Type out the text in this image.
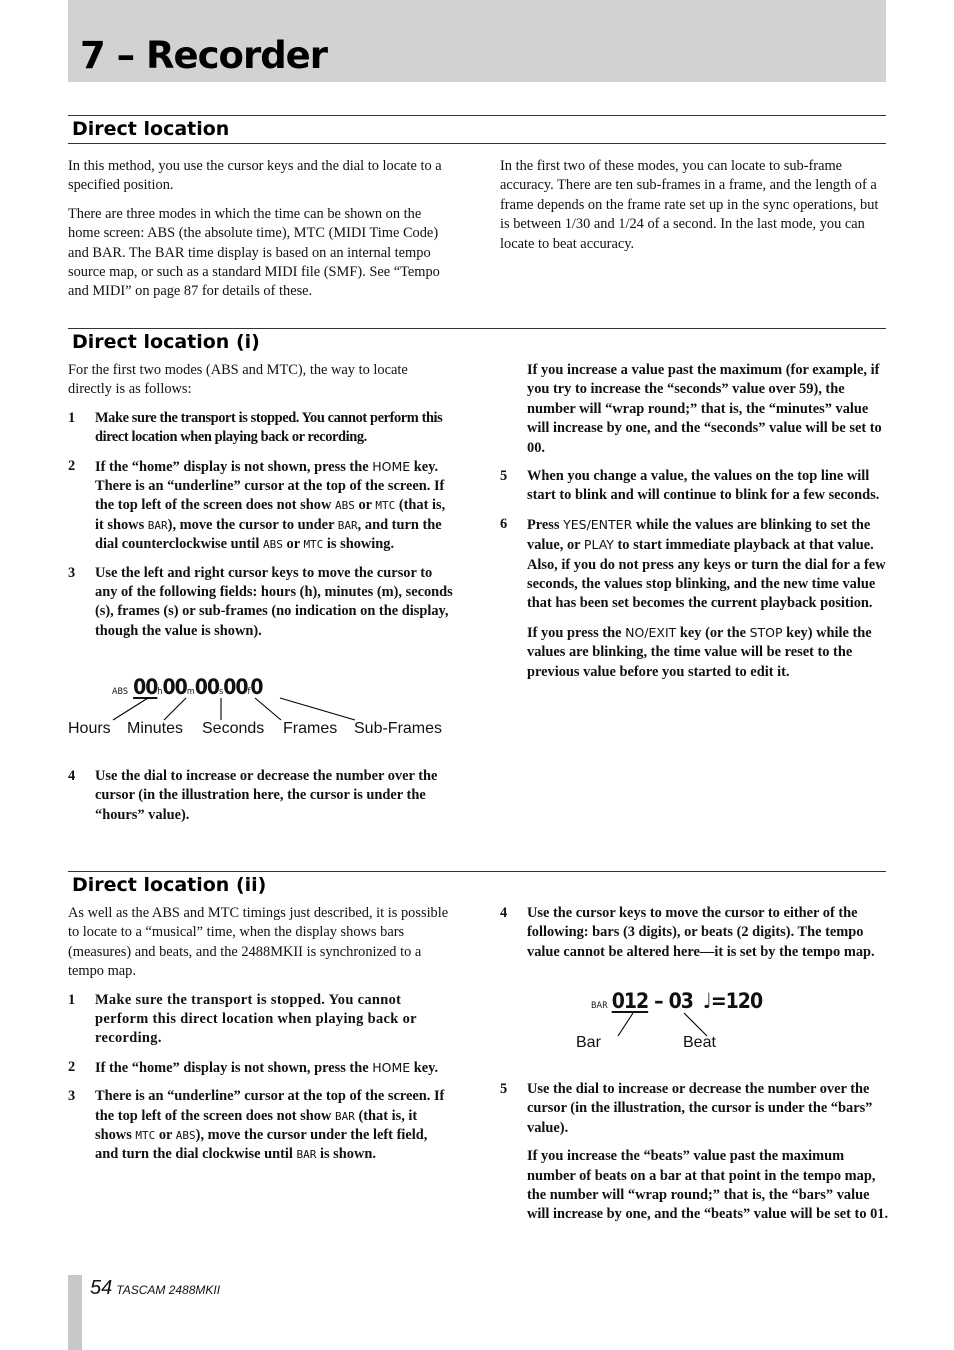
7 – Recorder
Direct location

In this method, you use the cursor keys and the dial to locate to a specified position.

There are three modes in which the time can be shown on the home screen: ABS (the absolute time), MTC (MIDI Time Code) and BAR. The BAR time display is based on an internal tempo source map, or such as a standard MIDI file (SMF). See “Tempo and MIDI” on page 87 for details of these.

In the first two of these modes, you can locate to sub-frame accuracy. There are ten sub-frames in a frame, and the length of a frame depends on the frame rate set up in the sync operations, but is between 1/30 and 1/24 of a second. In the last mode, you can locate to beat accuracy.

Direct location (i)

For the first two modes (ABS and MTC), the way to locate directly is as follows:

1 Make sure the transport is stopped. You cannot perform this direct location when playing back or recording.
2 If the “home” display is not shown, press the HOME key. There is an “underline” cursor at the top of the screen. If the top left of the screen does not show ABS or MTC (that is, it shows BAR), move the cursor to under BAR, and turn the dial counterclockwise until ABS or MTC is showing.
3 Use the left and right cursor keys to move the cursor to any of the following fields: hours (h), minutes (m), seconds (s), frames (s) or sub-frames (no indication on the display, though the value is shown).
ABS 00h00m00s00f0
Hours Minutes Seconds Frames Sub-Frames
4 Use the dial to increase or decrease the number over the cursor (in the illustration here, the cursor is under the “hours” value).
If you increase a value past the maximum (for example, if you try to increase the “seconds” value over 59), the number will “wrap round;” that is, the “minutes” value will increase by one, and the “seconds” value will be set to 00.
5 When you change a value, the values on the top line will start to blink and will continue to blink for a few seconds.
6 Press YES/ENTER while the values are blinking to set the value, or PLAY to start immediate playback at that value. Also, if you do not press any keys or turn the dial for a few seconds, the values stop blinking, and the new time value that has been set becomes the current playback position.
If you press the NO/EXIT key (or the STOP key) while the values are blinking, the time value will be reset to the previous value before you started to edit it.
Direct location (ii)

As well as the ABS and MTC timings just described, it is possible to locate to a “musical” time, when the display shows bars (measures) and beats, and the 2488MKII is synchronized to a tempo map.

1 Make sure the transport is stopped. You cannot perform this direct location when playing back or recording.
2 If the “home” display is not shown, press the HOME key.
3 There is an “underline” cursor at the top of the screen. If the top left of the screen does not show BAR (that is, it shows MTC or ABS), move the cursor under the left field, and turn the dial clockwise until BAR is shown.
4 Use the cursor keys to move the cursor to either of the following: bars (3 digits), or beats (2 digits). The tempo value cannot be altered here—it is set by the tempo map.
BAR 012 – 03 ♩=120
Bar	Beat
5 Use the dial to increase or decrease the number over the cursor (in the illustration, the cursor is under the “bars” value).
If you increase the “beats” value past the maximum number of beats on a bar at that point in the tempo map, the number will “wrap round;” that is, the “bars” value will increase by one, and the “beats” value will be set to 01.
54 TASCAM 2488MKII
